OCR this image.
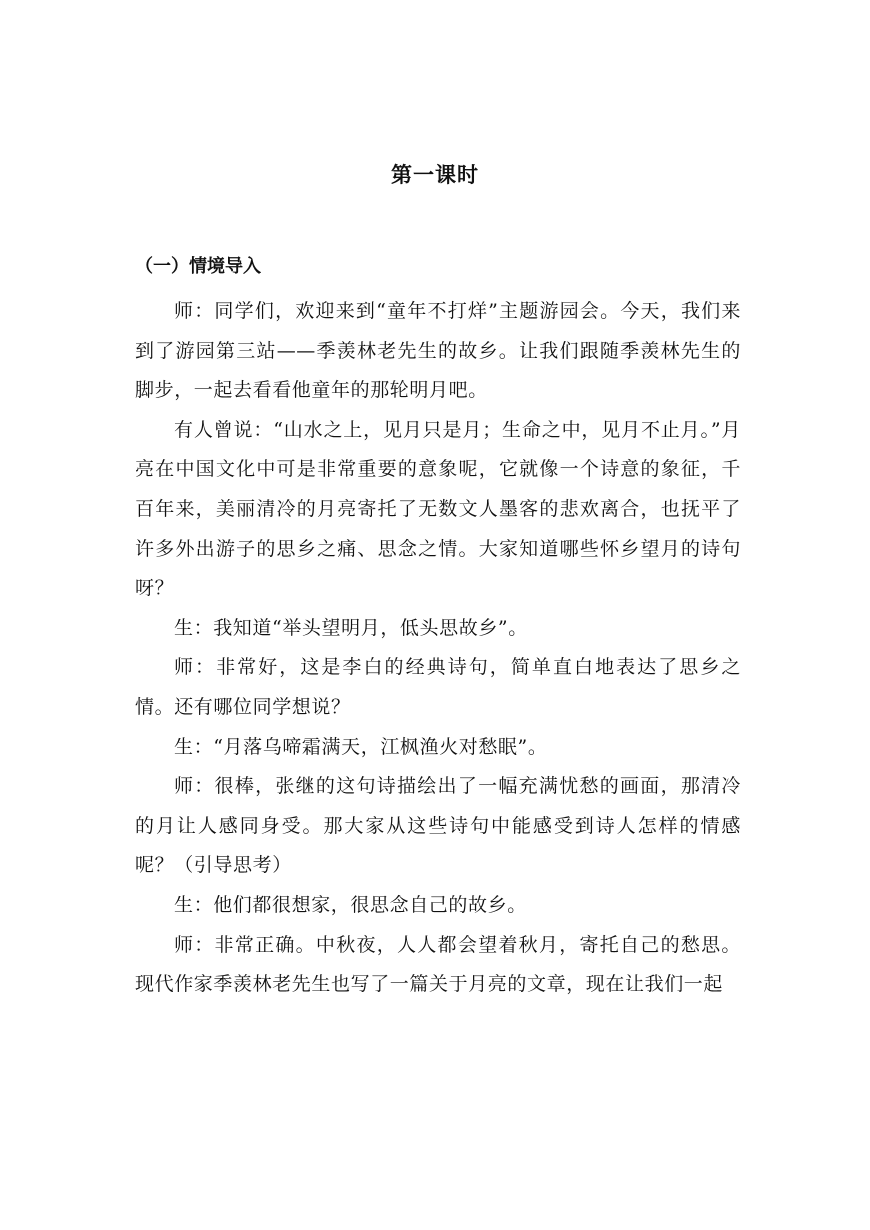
第一课时
（一）情境导入

师：同学们，欢迎来到“童年不打烊”主题游园会。今天，我们来到了游园第三站——季羡林老先生的故乡。让我们跟随季羡林先生的脚步，一起去看看他童年的那轮明月吧。

有人曾说：“山水之上，见月只是月；生命之中，见月不止月。”月亮在中国文化中可是非常重要的意象呢，它就像一个诗意的象征，千百年来，美丽清冷的月亮寄托了无数文人墨客的悲欢离合，也抚平了许多外出游子的思乡之痛、思念之情。大家知道哪些怀乡望月的诗句呀？

生：我知道“举头望明月，低头思故乡”。

师：非常好，这是李白的经典诗句，简单直白地表达了思乡之情。还有哪位同学想说？

生：“月落乌啼霜满天，江枫渔火对愁眠”。

师：很棒，张继的这句诗描绘出了一幅充满忧愁的画面，那清冷的月让人感同身受。那大家从这些诗句中能感受到诗人怎样的情感呢？（引导思考）

生：他们都很想家，很思念自己的故乡。

师：非常正确。中秋夜，人人都会望着秋月，寄托自己的愁思。现代作家季羡林老先生也写了一篇关于月亮的文章，现在让我们一起
